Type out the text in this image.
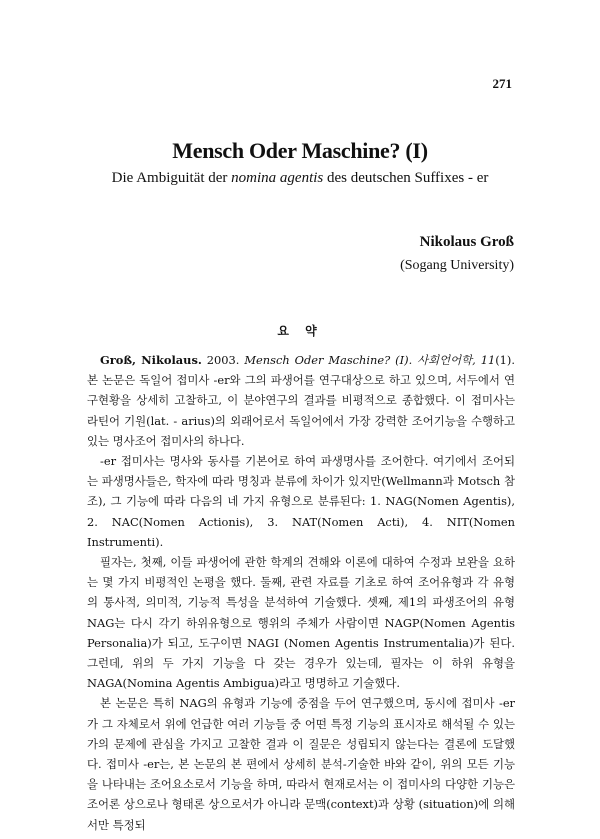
271
Mensch Oder Maschine? (I)
Die Ambiguität der nomina agentis des deutschen Suffixes - er
Nikolaus Groß
(Sogang University)
요 약

Groß, Nikolaus. 2003. Mensch Oder Maschine? (I). 사회언어학, 11(1). 본 논문은 독일어 접미사 -er와 그의 파생어를 연구대상으로 하고 있으며, 서두에서 연구현황을 상세히 고찰하고, 이 분야연구의 결과를 비평적으로 종합했다. 이 접미사는 라틴어 기원(lat. - arius)의 외래어로서 독일어에서 가장 강력한 조어기능을 수행하고 있는 명사조어 접미사의 하나다.

-er 접미사는 명사와 동사를 기본어로 하여 파생명사를 조어한다. 여기에서 조어되는 파생명사들은, 학자에 따라 명칭과 분류에 차이가 있지만(Wellmann과 Motsch 참조), 그 기능에 따라 다음의 네 가지 유형으로 분류된다: 1. NAG(Nomen Agentis), 2. NAC(Nomen Actionis), 3. NAT(Nomen Acti), 4. NIT(Nomen Instrumenti).

필자는, 첫째, 이들 파생어에 관한 학계의 견해와 이론에 대하여 수정과 보완을 요하는 몇 가지 비평적인 논평을 했다. 둘째, 관련 자료를 기초로 하여 조어유형과 각 유형의 통사적, 의미적, 기능적 특성을 분석하여 기술했다. 셋째, 제1의 파생조어의 유형 NAG는 다시 각기 하위유형으로 행위의 주체가 사람이면 NAGP(Nomen Agentis Personalia)가 되고, 도구이면 NAGI (Nomen Agentis Instrumentalia)가 된다. 그런데, 위의 두 가지 기능을 다 갖는 경우가 있는데, 필자는 이 하위 유형을 NAGA(Nomina Agentis Ambigua)라고 명명하고 기술했다.

본 논문은 특히 NAG의 유형과 기능에 중점을 두어 연구했으며, 동시에 접미사 -er가 그 자체로서 위에 언급한 여러 기능들 중 어떤 특정 기능의 표시자로 해석될 수 있는가의 문제에 관심을 가지고 고찰한 결과 이 질문은 성립되지 않는다는 결론에 도달했다. 접미사 -er는, 본 논문의 본 편에서 상세히 분석-기술한 바와 같이, 위의 모든 기능을 나타내는 조어요소로서 기능을 하며, 따라서 현재로서는 이 접미사의 다양한 기능은 조어론 상으로나 형태론 상으로서가 아니라 문맥(context)과 상황 (situation)에 의해서만 특정되
